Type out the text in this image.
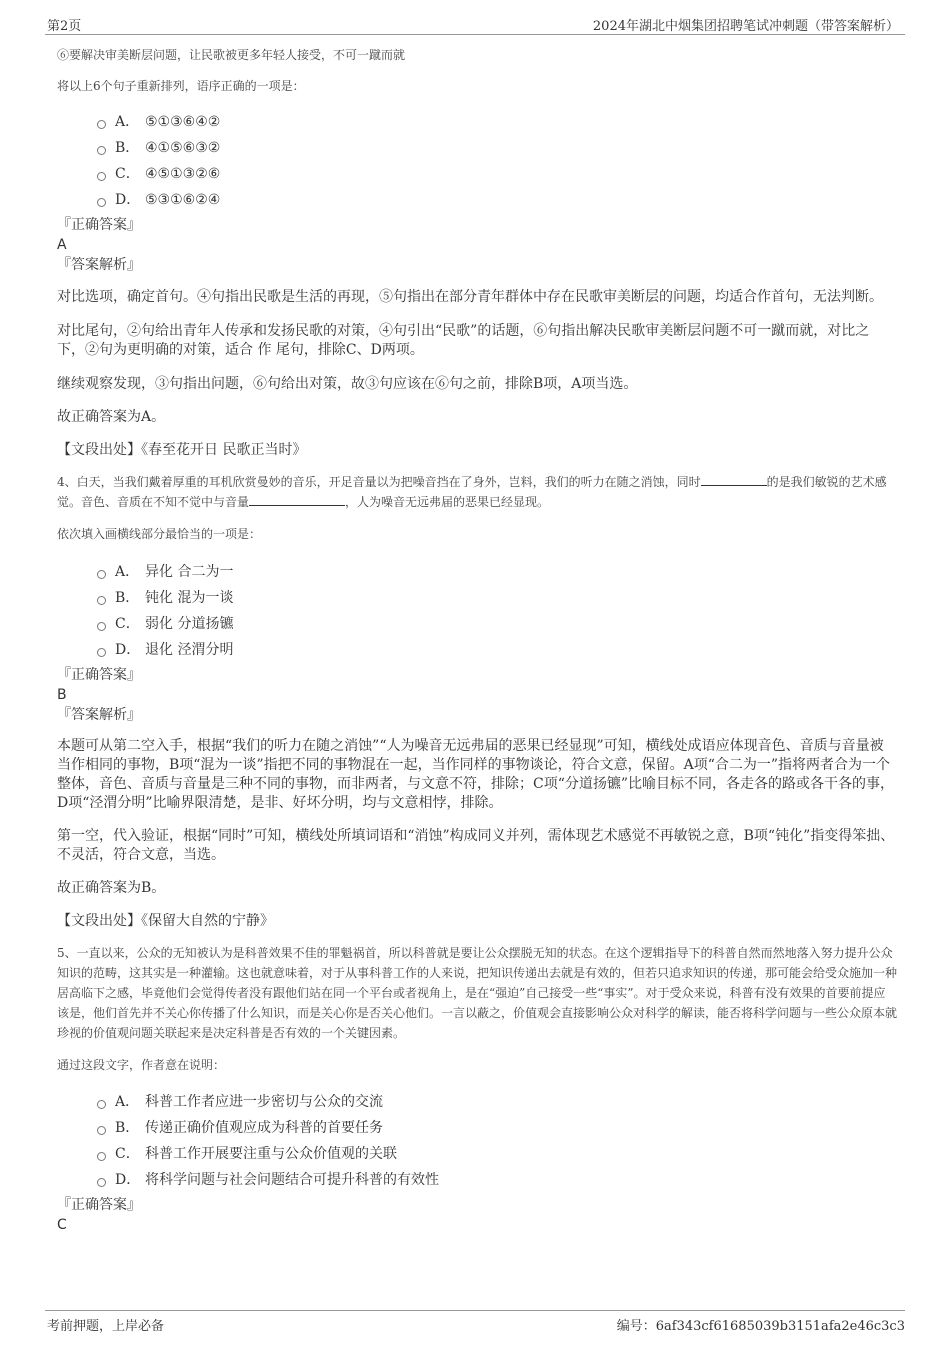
第2页	2024年湖北中烟集团招聘笔试冲刺题（带答案解析）

⑥要解决审美断层问题，让民歌被更多年轻人接受，不可一蹴而就

将以上6个句子重新排列，语序正确的一项是：

A． ⑤①③⑥④②
B． ④①⑤⑥③②
C． ④⑤①③②⑥
D． ⑤③①⑥②④

『正确答案』

A

『答案解析』

对比选项，确定首句。④句指出民歌是生活的再现，⑤句指出在部分青年群体中存在民歌审美断层的问题，均适合作首句，无法判断。

对比尾句，②句给出青年人传承和发扬民歌的对策，④句引出“民歌”的话题，⑥句指出解决民歌审美断层问题不可一蹴而就，对比之下，②句为更明确的对策，适合 作 尾句，排除C、D两项。

继续观察发现，③句指出问题，⑥句给出对策，故③句应该在⑥句之前，排除B项，A项当选。

故正确答案为A。

【文段出处】《春至花开日 民歌正当时》

4、白天，当我们戴着厚重的耳机欣赏曼妙的音乐，开足音量以为把噪音挡在了身外，岂料，我们的听力在随之消蚀，同时	的是我们敏锐的艺术感觉。音色、音质在不知不觉中与音量	，人为噪音无远弗届的恶果已经显现。

依次填入画横线部分最恰当的一项是：

A． 异化 合二为一
B． 钝化 混为一谈
C． 弱化 分道扬镳
D． 退化 泾渭分明

『正确答案』

B

『答案解析』

本题可从第二空入手，根据“我们的听力在随之消蚀”“人为噪音无远弗届的恶果已经显现”可知，横线处成语应体现音色、音质与音量被当作相同的事物，B项“混为一谈”指把不同的事物混在一起，当作同样的事物谈论，符合文意，保留。A项“合二为一”指将两者合为一个整体，音色、音质与音量是三种不同的事物，而非两者，与文意不符，排除；C项“分道扬镳”比喻目标不同，各走各的路或各干各的事，D项“泾渭分明”比喻界限清楚，是非、好坏分明，均与文意相悖，排除。

第一空，代入验证，根据“同时”可知，横线处所填词语和“消蚀”构成同义并列，需体现艺术感觉不再敏锐之意，B项“钝化”指变得笨拙、不灵活，符合文意，当选。

故正确答案为B。

【文段出处】《保留大自然的宁静》

5、一直以来，公众的无知被认为是科普效果不佳的罪魁祸首，所以科普就是要让公众摆脱无知的状态。在这个逻辑指导下的科普自然而然地落入努力提升公众知识的范畴，这其实是一种灌输。这也就意味着，对于从事科普工作的人来说，把知识传递出去就是有效的，但若只追求知识的传递，那可能会给受众施加一种居高临下之感，毕竟他们会觉得传者没有跟他们站在同一个平台或者视角上，是在“强迫”自己接受一些“事实”。对于受众来说，科普有没有效果的首要前提应该是，他们首先并不关心你传播了什么知识，而是关心你是否关心他们。一言以蔽之，价值观会直接影响公众对科学的解读，能否将科学问题与一些公众原本就珍视的价值观问题关联起来是决定科普是否有效的一个关键因素。

通过这段文字，作者意在说明：

A． 科普工作者应进一步密切与公众的交流
B． 传递正确价值观应成为科普的首要任务
C． 科普工作开展要注重与公众价值观的关联
D． 将科学问题与社会问题结合可提升科普的有效性

『正确答案』

C

考前押题，上岸必备	编号：6af343cf61685039b3151afa2e46c3c3
